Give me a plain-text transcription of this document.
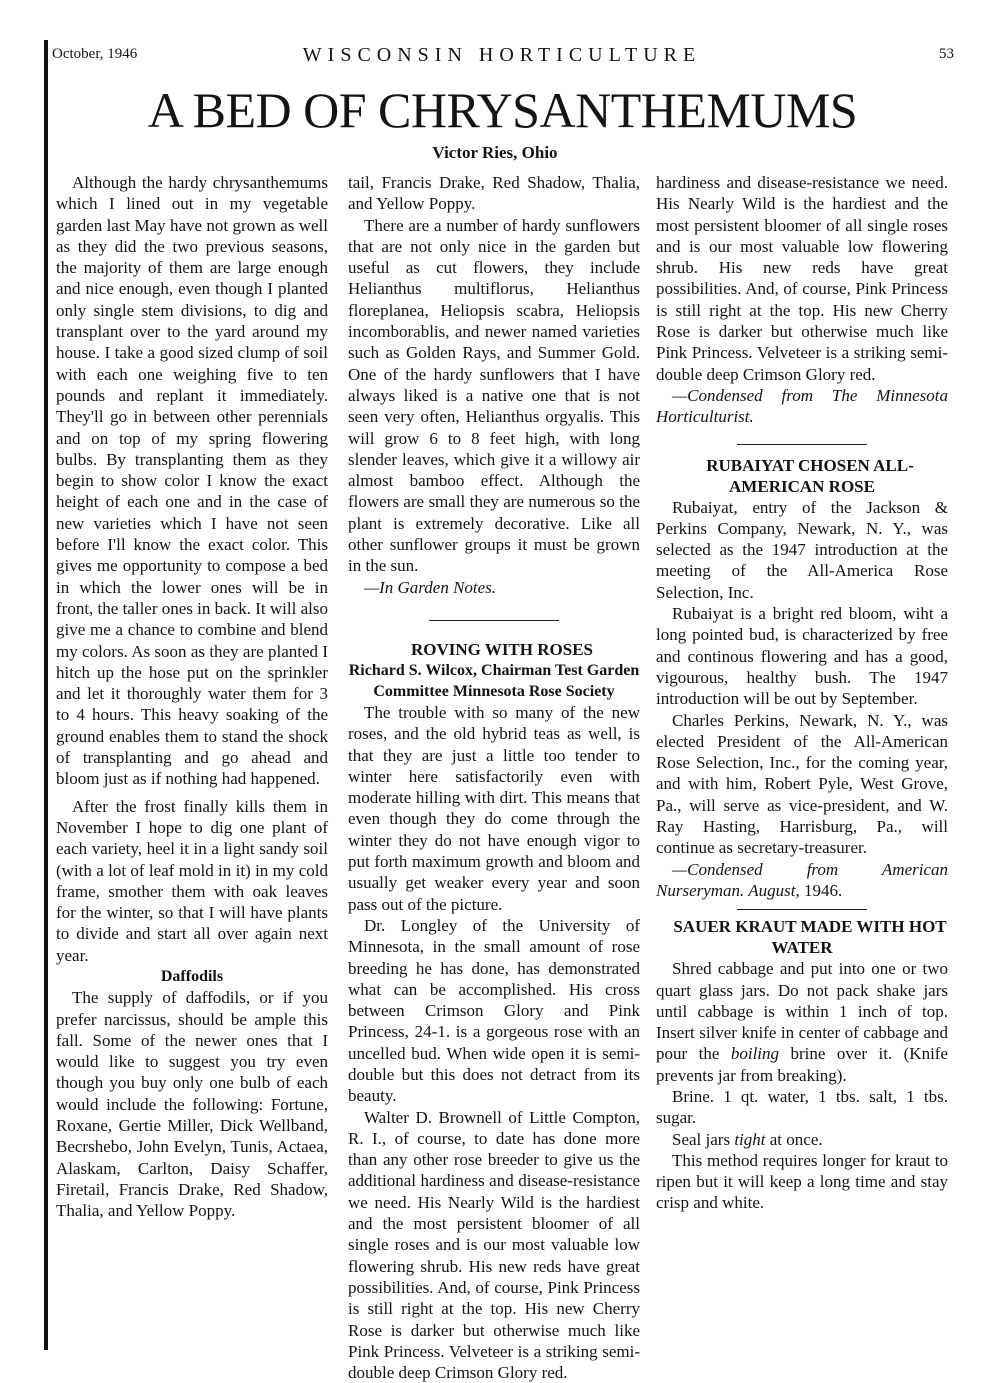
October, 1946	WISCONSIN HORTICULTURE	53
A BED OF CHRYSANTHEMUMS
Victor Ries, Ohio

Although the hardy chrysanthemums which I lined out in my vegetable garden last May have not grown as well as they did the two previous seasons, the majority of them are large enough and nice enough, even though I planted only single stem divisions, to dig and transplant over to the yard around my house. I take a good sized clump of soil with each one weighing five to ten pounds and replant it immediately. They'll go in between other perennials and on top of my spring flowering bulbs. By transplanting them as they begin to show color I know the exact height of each one and in the case of new varieties which I have not seen before I'll know the exact color. This gives me opportunity to compose a bed in which the lower ones will be in front, the taller ones in back. It will also give me a chance to combine and blend my colors. As soon as they are planted I hitch up the hose put on the sprinkler and let it thoroughly water them for 3 to 4 hours. This heavy soaking of the ground enables them to stand the shock of transplanting and go ahead and bloom just as if nothing had happened.

After the frost finally kills them in November I hope to dig one plant of each variety, heel it in a light sandy soil (with a lot of leaf mold in it) in my cold frame, smother them with oak leaves for the winter, so that I will have plants to divide and start all over again next year.

Daffodils

The supply of daffodils, or if you prefer narcissus, should be ample this fall. Some of the newer ones that I would like to suggest you try even though you buy only one bulb of each would include the following: Fortune, Roxane, Gertie Miller, Dick Wellband, Becrshebo, John Evelyn, Tunis, Actaea, Alaskam, Carlton, Daisy Schaffer, Firetail, Francis Drake, Red Shadow, Thalia, and Yellow Poppy.

tail, Francis Drake, Red Shadow, Thalia, and Yellow Poppy.

There are a number of hardy sunflowers that are not only nice in the garden but useful as cut flowers, they include Helianthus multiflorus, Helianthus floreplanea, Heliopsis scabra, Heliopsis incomborablis, and newer named varieties such as Golden Rays, and Summer Gold. One of the hardy sunflowers that I have always liked is a native one that is not seen very often, Helianthus orgyalis. This will grow 6 to 8 feet high, with long slender leaves, which give it a willowy air almost bamboo effect. Although the flowers are small they are numerous so the plant is extremely decorative. Like all other sunflower groups it must be grown in the sun.

—In Garden Notes.

ROVING WITH ROSES

Richard S. Wilcox, Chairman Test Garden Committee Minnesota Rose Society

The trouble with so many of the new roses, and the old hybrid teas as well, is that they are just a little too tender to winter here satisfactorily even with moderate hilling with dirt. This means that even though they do come through the winter they do not have enough vigor to put forth maximum growth and bloom and usually get weaker every year and soon pass out of the picture.

Dr. Longley of the University of Minnesota, in the small amount of rose breeding he has done, has demonstrated what can be accomplished. His cross between Crimson Glory and Pink Princess, 24-1. is a gorgeous rose with an uncelled bud. When wide open it is semi-double but this does not detract from its beauty.

Walter D. Brownell of Little Compton, R. I., of course, to date has done more than any other rose breeder to give us the additional hardiness and disease-resistance we need. His Nearly Wild is the hardiest and the most persistent bloomer of all single roses and is our most valuable low flowering shrub. His new reds have great possibilities. And, of course, Pink Princess is still right at the top. His new Cherry Rose is darker but otherwise much like Pink Princess. Velveteer is a striking semi-double deep Crimson Glory red.

hardiness and disease-resistance we need. His Nearly Wild is the hardiest and the most persistent bloomer of all single roses and is our most valuable low flowering shrub. His new reds have great possibilities. And, of course, Pink Princess is still right at the top. His new Cherry Rose is darker but otherwise much like Pink Princess. Velveteer is a striking semi-double deep Crimson Glory red.

—Condensed from The Minnesota Horticulturist.

RUBAIYAT CHOSEN ALL-AMERICAN ROSE

Rubaiyat, entry of the Jackson & Perkins Company, Newark, N. Y., was selected as the 1947 introduction at the meeting of the All-America Rose Selection, Inc.

Rubaiyat is a bright red bloom, wiht a long pointed bud, is characterized by free and continous flowering and has a good, vigourous, healthy bush. The 1947 introduction will be out by September.

Charles Perkins, Newark, N. Y., was elected President of the All-American Rose Selection, Inc., for the coming year, and with him, Robert Pyle, West Grove, Pa., will serve as vice-president, and W. Ray Hasting, Harrisburg, Pa., will continue as secretary-treasurer.

—Condensed from American Nurseryman. August, 1946.

SAUER KRAUT MADE WITH HOT WATER

Shred cabbage and put into one or two quart glass jars. Do not pack shake jars until cabbage is within 1 inch of top. Insert silver knife in center of cabbage and pour the boiling brine over it. (Knife prevents jar from breaking).

Brine. 1 qt. water, 1 tbs. salt, 1 tbs. sugar.

Seal jars tight at once.

This method requires longer for kraut to ripen but it will keep a long time and stay crisp and white.
